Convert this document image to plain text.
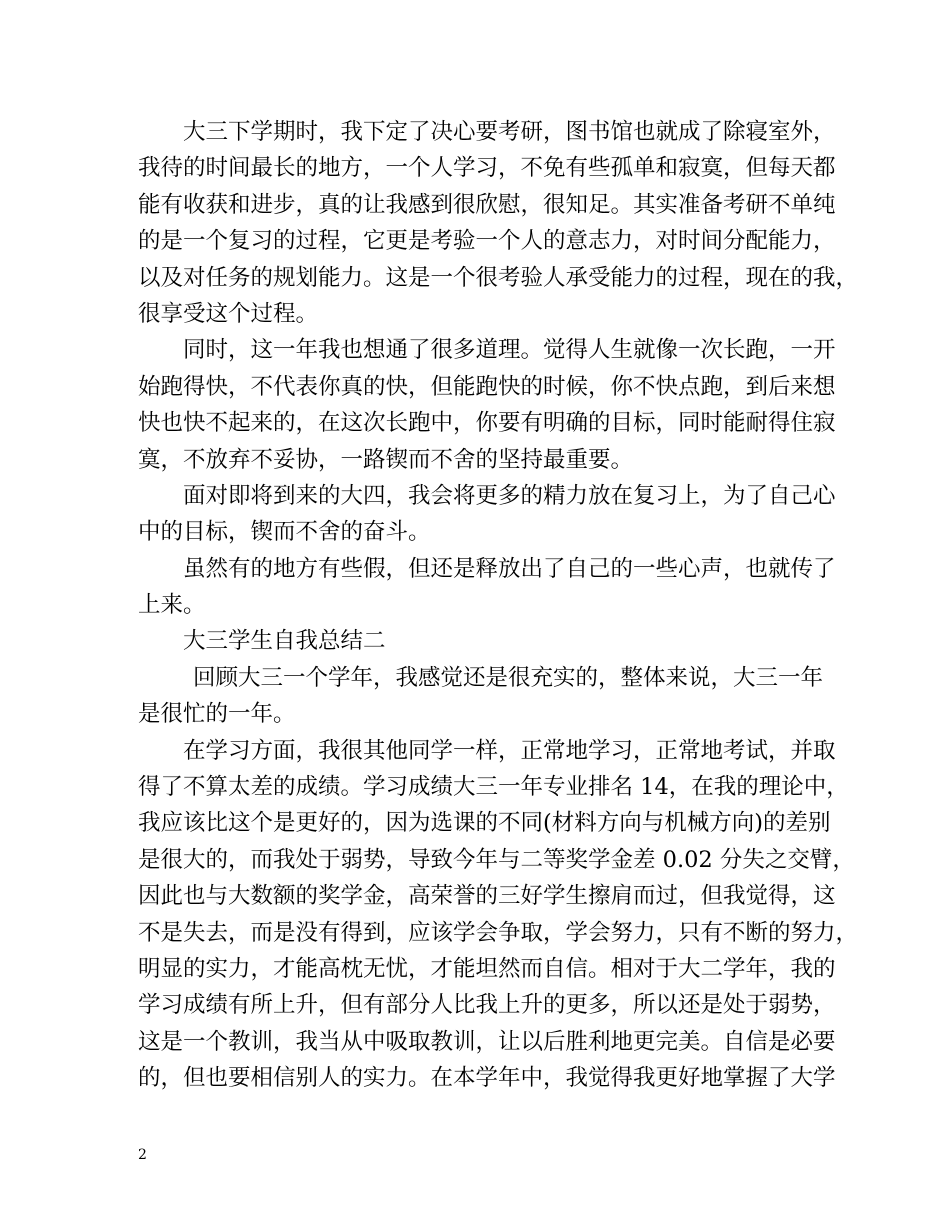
大三下学期时，我下定了决心要考研，图书馆也就成了除寝室外，
我待的时间最长的地方，一个人学习，不免有些孤单和寂寞，但每天都
能有收获和进步，真的让我感到很欣慰，很知足。其实准备考研不单纯
的是一个复习的过程，它更是考验一个人的意志力，对时间分配能力，
以及对任务的规划能力。这是一个很考验人承受能力的过程，现在的我，
很享受这个过程。
同时，这一年我也想通了很多道理。觉得人生就像一次长跑，一开
始跑得快，不代表你真的快，但能跑快的时候，你不快点跑，到后来想
快也快不起来的，在这次长跑中，你要有明确的目标，同时能耐得住寂
寞，不放弃不妥协，一路锲而不舍的坚持最重要。
面对即将到来的大四，我会将更多的精力放在复习上，为了自己心
中的目标，锲而不舍的奋斗。
虽然有的地方有些假，但还是释放出了自己的一些心声，也就传了
上来。
大三学生自我总结二
回顾大三一个学年，我感觉还是很充实的，整体来说，大三一年
是很忙的一年。
在学习方面，我很其他同学一样，正常地学习，正常地考试，并取
得了不算太差的成绩。学习成绩大三一年专业排名 14，在我的理论中，
我应该比这个是更好的，因为选课的不同(材料方向与机械方向)的差别
是很大的，而我处于弱势，导致今年与二等奖学金差 0.02 分失之交臂，
因此也与大数额的奖学金，高荣誉的三好学生擦肩而过，但我觉得，这
不是失去，而是没有得到，应该学会争取，学会努力，只有不断的努力，
明显的实力，才能高枕无忧，才能坦然而自信。相对于大二学年，我的
学习成绩有所上升，但有部分人比我上升的更多，所以还是处于弱势，
这是一个教训，我当从中吸取教训，让以后胜利地更完美。自信是必要
的，但也要相信别人的实力。在本学年中，我觉得我更好地掌握了大学
2
